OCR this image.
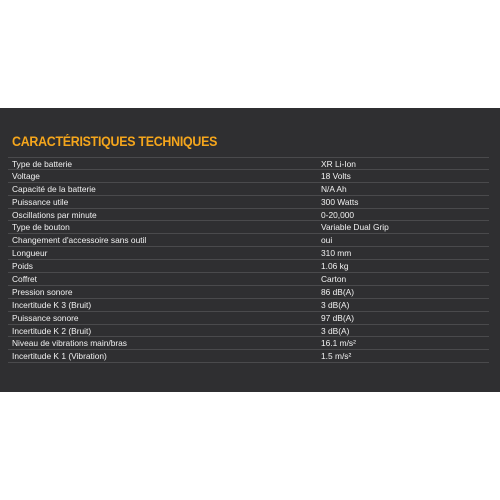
CARACTÉRISTIQUES TECHNIQUES
Type de batterie	XR Li-Ion
Voltage	18 Volts
Capacité de la batterie	N/A Ah
Puissance utile	300 Watts
Oscillations par minute	0-20,000
Type de bouton	Variable Dual Grip
Changement d'accessoire sans outil	oui
Longueur	310 mm
Poids	1.06 kg
Coffret	Carton
Pression sonore	86 dB(A)
Incertitude K 3 (Bruit)	3 dB(A)
Puissance sonore	97 dB(A)
Incertitude K 2 (Bruit)	3 dB(A)
Niveau de vibrations main/bras	16.1 m/s²
Incertitude K 1 (Vibration)	1.5 m/s²
